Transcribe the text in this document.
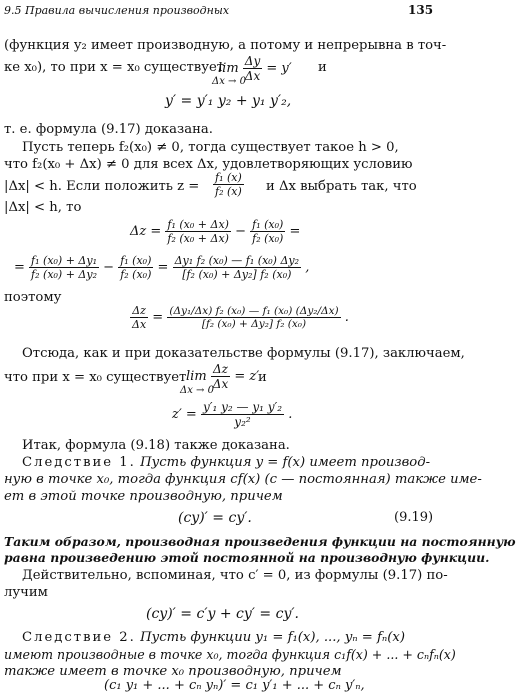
9.5 Правила вычисления производных	135
(функция y₂ имеет производную, а потому и непрерывна в точ-
ке x₀), то при x = x₀ существует
$\lim \frac{\Delta y}{\Delta x} = y'$
Δx → 0
и
y′ = y′₁ y₂ + y₁ y′₂,
т. е. формула (9.17) доказана.
Пусть теперь f₂(x₀) ≠ 0, тогда существует такое h > 0,
что f₂(x₀ + Δx) ≠ 0 для всех Δx, удовлетворяющих условию
|Δx| < h. Если положить $z = \frac{\text{f₁ (x)}}{\text{f₂ (x)}}$ и Δx выбрать так, что
|Δx| < h, то
$\Delta z = \frac{\text{f₁ (x₀ + Δx)}}{\text{f₂ (x₀ + Δx)}} - \frac{\text{f₁ (x₀)}}{\text{f₂ (x₀)}}$ =
= $\frac{\text{f₁ (x₀) + Δy₁}}{\text{f₂ (x₀) + Δy₂}} - \frac{\text{f₁ (x₀)}}{\text{f₂ (x₀)}} = \frac{\text{Δy₁ f₂ (x₀) — f₁ (x₀) Δy₂}}{\text{[f₂ (x₀) + Δy₂] f₂ (x₀)}}$ ,
поэтому
$\frac{\Delta z}{\Delta x} = \frac{\text{(Δy₁/Δx) f₂ (x₀) — f₁ (x₀) (Δy₂/Δx)}}{\text{[f₂ (x₀) + Δy₂] f₂ (x₀)}}$ .
Отсюда, как и при доказательстве формулы (9.17), заключаем,
что при x = x₀ существует $\lim \frac{\Delta z}{\Delta x} = z'$
Δx → 0
и
$z' = \frac{\text{y′₁ y₂ — y₁ y′₂}}{\text{y₂²}}$ .
Итак, формула (9.18) также доказана.
Следствие 1. Пусть функция y = f(x) имеет производ-
ную в точке x₀, тогда функция cf(x) (c — постоянная) также име-
ет в этой точке производную, причем
(cy)′ = cy′.	(9.19)
Таким образом, производная произведения функции на постоянную
равна произведению этой постоянной на производную функции.
Действительно, вспоминая, что c′ = 0, из формулы (9.17) по-
лучим
(cy)′ = c′y + cy′ = cy′.
Следствие 2. Пусть функции y₁ = f₁(x), ..., yₙ = fₙ(x)
имеют производные в точке x₀, тогда функция c₁f(x) + ... + cₙfₙ(x)
также имеет в точке x₀ производную, причем
(c₁ y₁ + ... + cₙ yₙ)′ = c₁ y′₁ + ... + cₙ y′ₙ,
